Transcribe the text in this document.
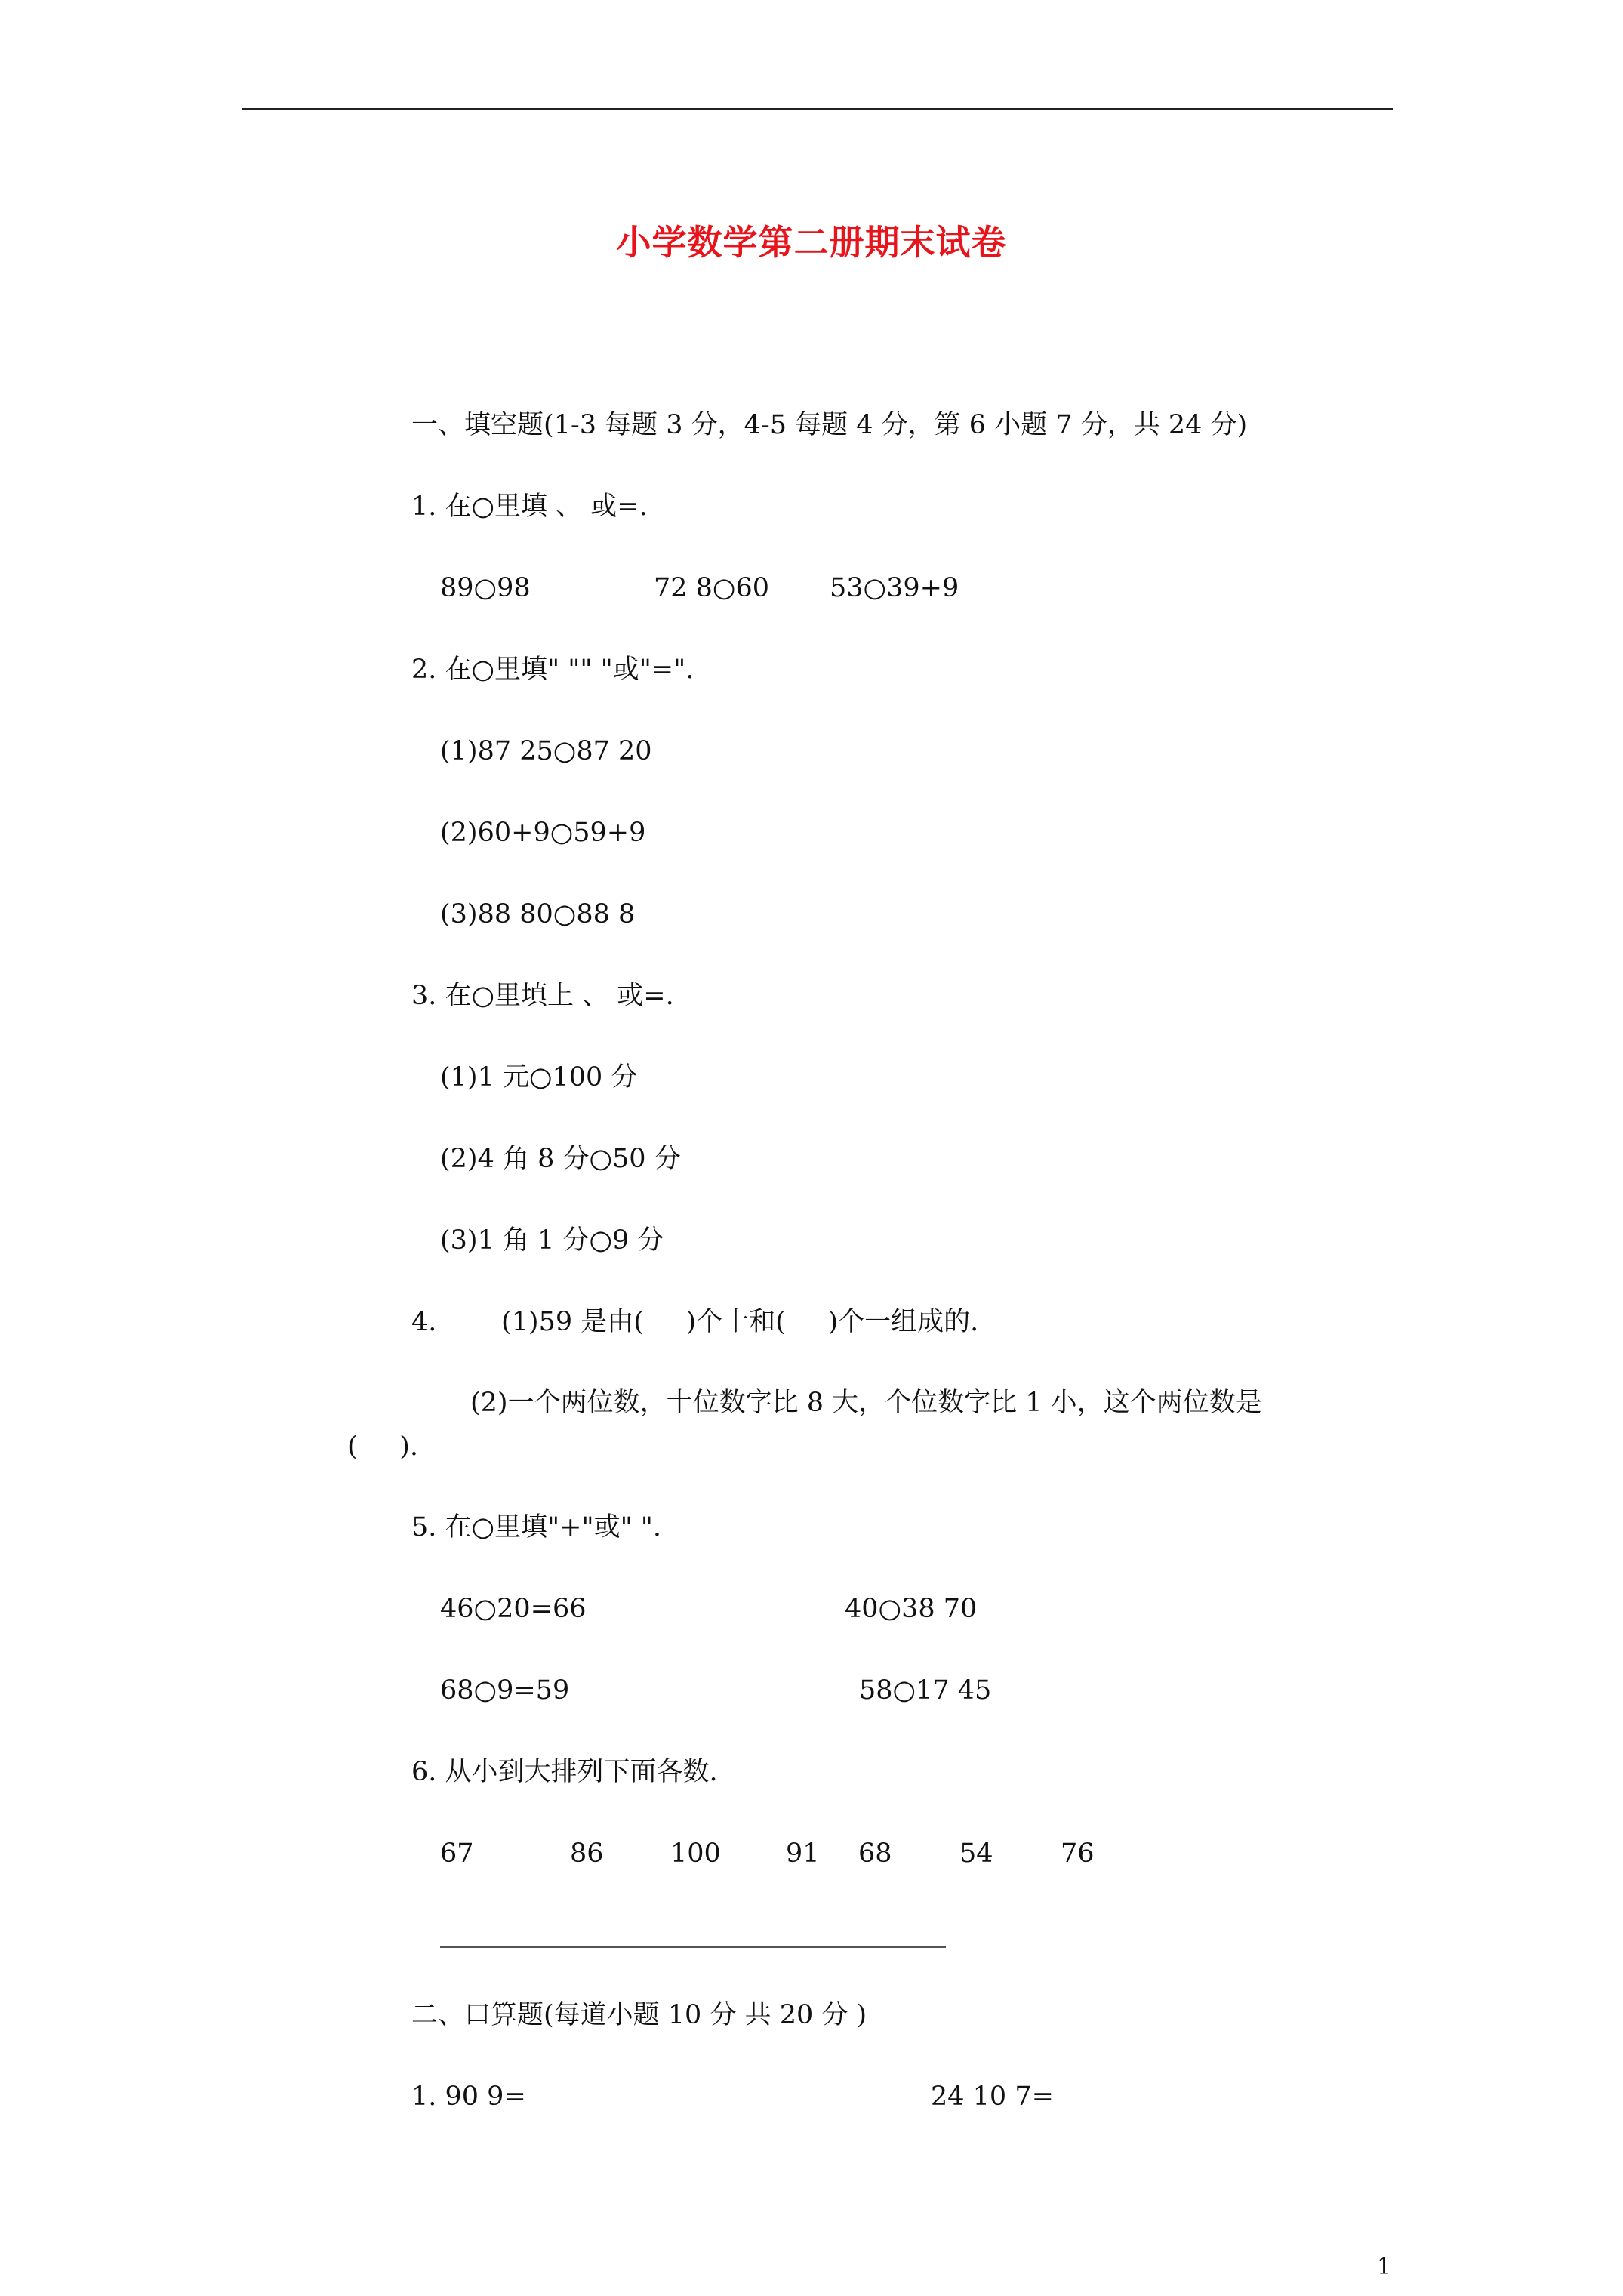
小学数学第二册期末试卷
一、填空题(1-3 每题 3 分，4-5 每题 4 分，第 6 小题 7 分，共 24 分)
1. 在○里填 、 或=.
89○98	72 8○60 53○39+9
2. 在○里填" "" "或"=".
(1)87 25○87 20
(2)60+9○59+9
(3)88 80○88 8
3. 在○里填上 、 或=.
(1)1 元○100 分
(2)4 角 8 分○50 分
(3)1 角 1 分○9 分
4. (1)59 是由(     )个十和(     )个一组成的.
(2)一个两位数，十位数字比 8 大，个位数字比 1 小，这个两位数是
(     ).
5. 在○里填"+"或" ".
46○20=66	40○38 70
68○9=59	58○17 45
6. 从小到大排列下面各数.
67	86	100 91 68	54	76
二、口算题(每道小题 10 分 共 20 分 )
1. 90 9=	24 10 7=
1
